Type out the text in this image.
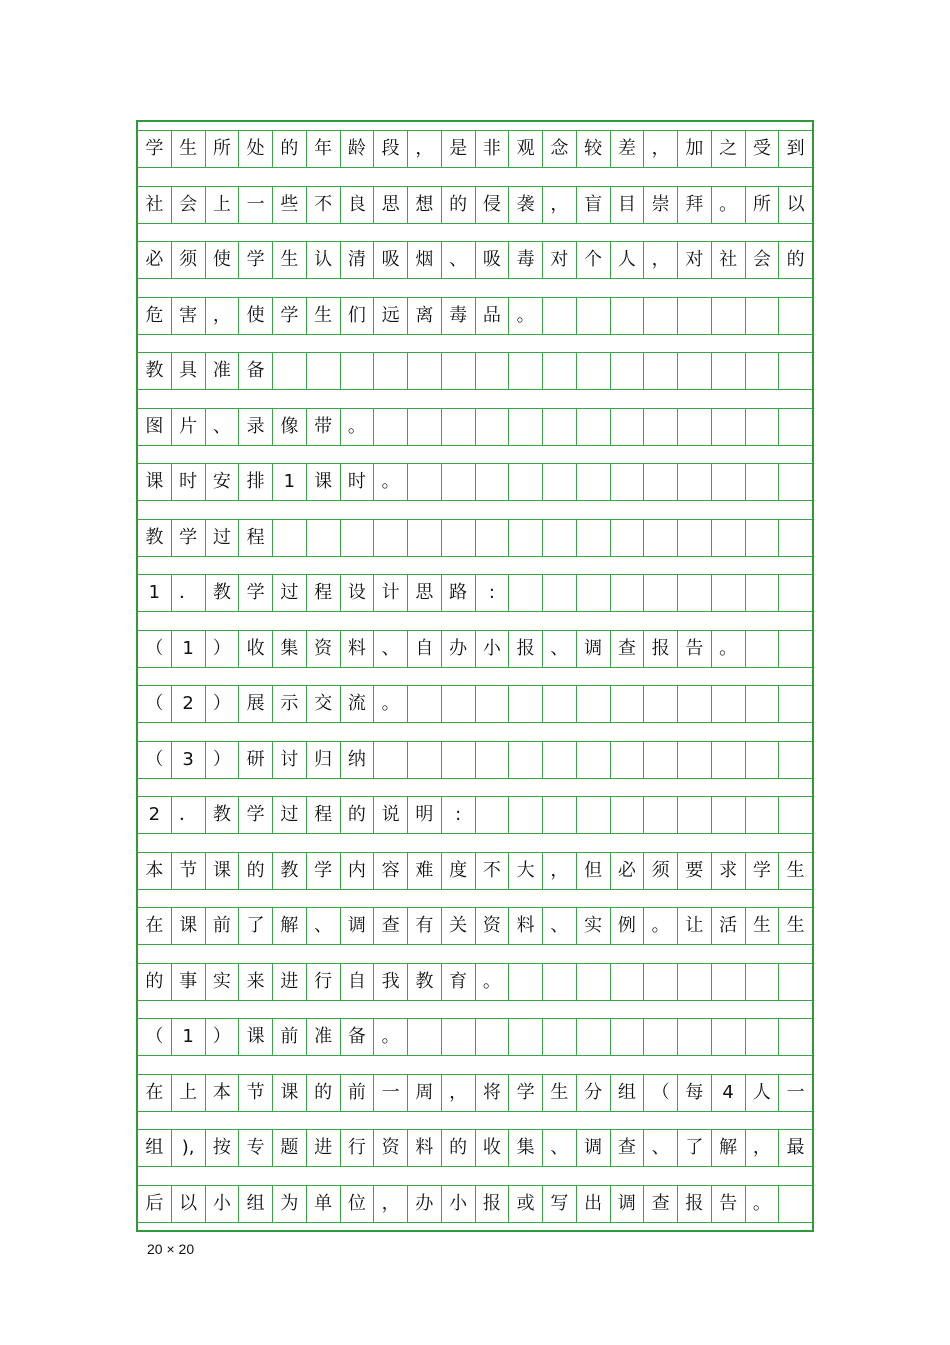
学 生 所 处 的 年 龄 段 ， 是 非 观 念 较 差 ， 加 之 受 到
社 会 上 一 些 不 良 思 想 的 侵 袭 ， 盲 目 崇 拜 。 所 以
必 须 使 学 生 认 清 吸 烟 、 吸 毒 对 个 人 ， 对 社 会 的
危 害 ， 使 学 生 们 远 离 毒 品 。
教 具 准 备
图 片 、 录 像 带 。
课 时 安 排	1	课 时 。
教 学 过 程
1	． 教 学 过 程 设 计 思 路	:
（	1	） 收 集 资 料 、 自 办 小 报 、 调 查 报 告 。
（	2	） 展 示 交 流 。
（	3	） 研 讨 归 纳
2	． 教 学 过 程 的 说 明	:
本 节 课 的 教 学 内 容 难 度 不 大 ， 但 必 须 要 求 学 生
在 课 前 了 解 、 调 查 有 关 资 料 、 实 例 。 让 活 生 生
的 事 实 来 进 行 自 我 教 育 。
（	1	） 课 前 准 备 。
在 上 本 节 课 的 前 一 周 ， 将 学 生 分 组 （ 每	4	人 一
组	),	按 专 题 进 行 资 料 的 收 集 、 调 查 、 了 解 ， 最
后 以 小 组 为 单 位 ， 办 小 报 或 写 出 调 查 报 告 。
20 × 20
